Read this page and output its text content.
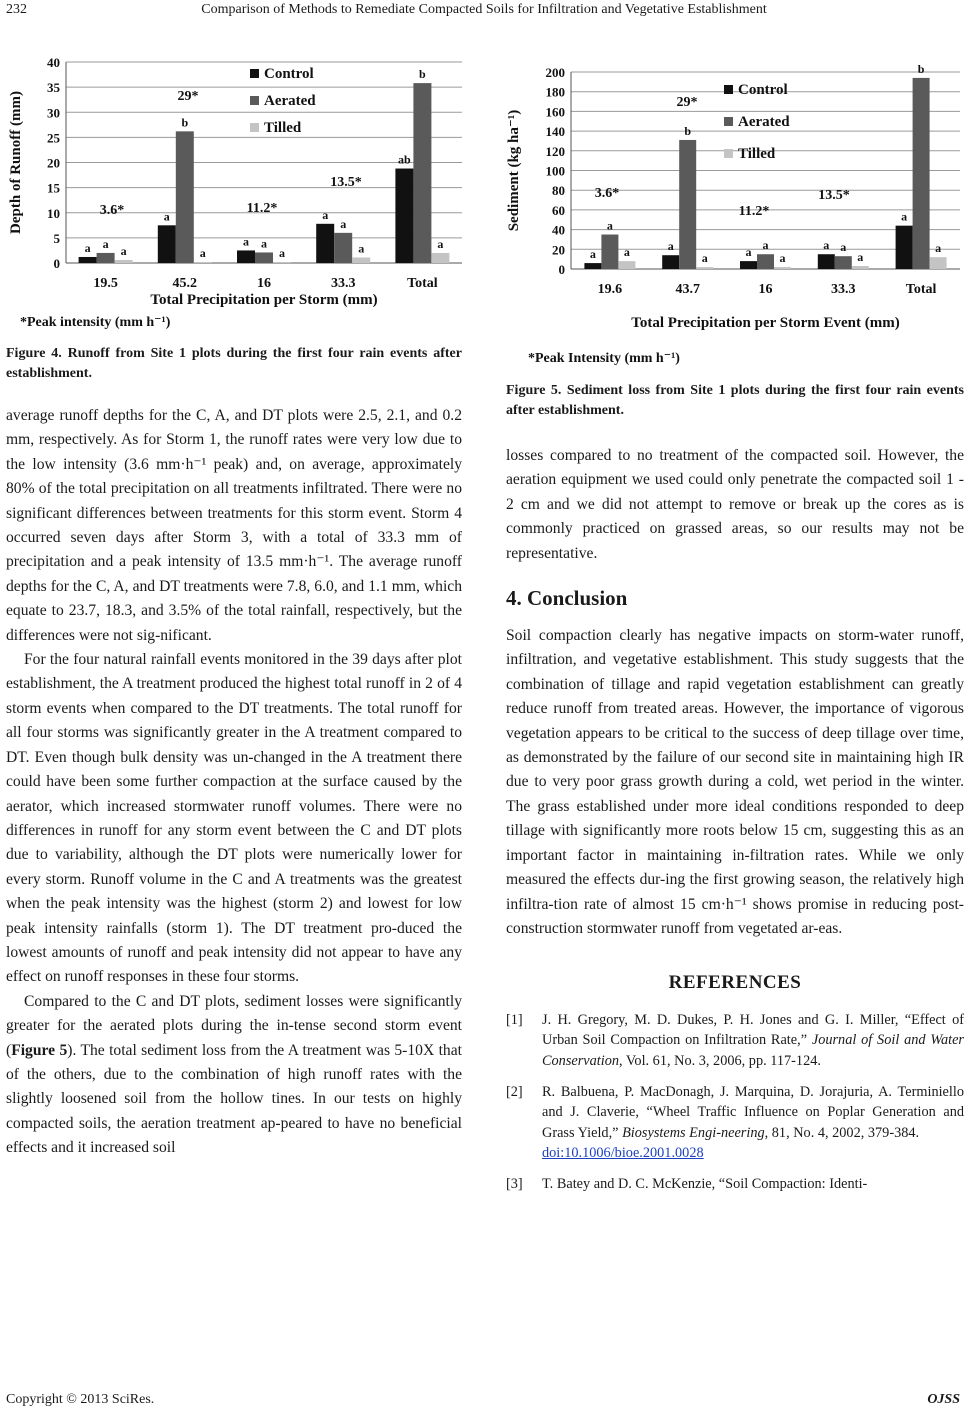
232	Comparison of Methods to Remediate Compacted Soils for Infiltration and Vegetative Establishment
*Peak intensity (mm h⁻¹)
0
5
10
15
20
25
30
35
40
a a
a
19.5
3.6*	a
b
a
45.2
29*
a a
a
16
11.2*	a
a
a
33.3
13.5*
ab
b
a
Total
Total Precipitation per Storm (mm)
Depth of Runoff (mm)
Control
Aerated
Tilled
Figure 4. Runoff from Site 1 plots during the first four rain events after establishment.
*Peak Intensity (mm h⁻¹)
0
20
40
60
80
100
120
140
160
180
200
a
a
a
19.6
3.6*
a
b
a
43.7
29*
a a
a
16
11.2*
a a
a
33.3
13.5*
a
b
a
Total
Total Precipitation per Storm Event (mm)
Sediment (kg ha⁻¹)
Control
Aerated
Tilled
Figure 5. Sediment loss from Site 1 plots during the first four rain events after establishment.

average runoff depths for the C, A, and DT plots were 2.5, 2.1, and 0.2 mm, respectively. As for Storm 1, the runoff rates were very low due to the low intensity (3.6 mm·h⁻¹ peak) and, on average, approximately 80% of the total precipitation on all treatments infiltrated. There were no significant differences between treatments for this storm event. Storm 4 occurred seven days after Storm 3, with a total of 33.3 mm of precipitation and a peak intensity of 13.5 mm·h⁻¹. The average runoff depths for the C, A, and DT treatments were 7.8, 6.0, and 1.1 mm, which equate to 23.7, 18.3, and 3.5% of the total rainfall, respectively, but the differences were not sig-nificant.

For the four natural rainfall events monitored in the 39 days after plot establishment, the A treatment produced the highest total runoff in 2 of 4 storm events when compared to the DT treatments. The total runoff for all four storms was significantly greater in the A treatment compared to DT. Even though bulk density was un-changed in the A treatment there could have been some further compaction at the surface caused by the aerator, which increased stormwater runoff volumes. There were no differences in runoff for any storm event between the C and DT plots due to variability, although the DT plots were numerically lower for every storm. Runoff volume in the C and A treatments was the greatest when the peak intensity was the highest (storm 2) and lowest for low peak intensity rainfalls (storm 1). The DT treatment pro-duced the lowest amounts of runoff and peak intensity did not appear to have any effect on runoff responses in these four storms.

Compared to the C and DT plots, sediment losses were significantly greater for the aerated plots during the in-tense second storm event (Figure 5). The total sediment loss from the A treatment was 5-10X that of the others, due to the combination of high runoff rates with the slightly loosened soil from the hollow tines. In our tests on highly compacted soils, the aeration treatment ap-peared to have no beneficial effects and it increased soil

losses compared to no treatment of the compacted soil. However, the aeration equipment we used could only penetrate the compacted soil 1 - 2 cm and we did not attempt to remove or break up the cores as is commonly practiced on grassed areas, so our results may not be representative.

4. Conclusion

Soil compaction clearly has negative impacts on storm-water runoff, infiltration, and vegetative establishment. This study suggests that the combination of tillage and rapid vegetation establishment can greatly reduce runoff from treated areas. However, the importance of vigorous vegetation appears to be critical to the success of deep tillage over time, as demonstrated by the failure of our second site in maintaining high IR due to very poor grass growth during a cold, wet period in the winter. The grass established under more ideal conditions responded to deep tillage with significantly more roots below 15 cm, suggesting this as an important factor in maintaining in-filtration rates. While we only measured the effects dur-ing the first growing season, the relatively high infiltra-tion rate of almost 15 cm·h⁻¹ shows promise in reducing post-construction stormwater runoff from vegetated ar-eas.

REFERENCES
[1] J. H. Gregory, M. D. Dukes, P. H. Jones and G. I. Miller, “Effect of Urban Soil Compaction on Infiltration Rate,” Journal of Soil and Water Conservation, Vol. 61, No. 3, 2006, pp. 117-124.
[2] R. Balbuena, P. MacDonagh, J. Marquina, D. Jorajuria, A. Terminiello and J. Claverie, “Wheel Traffic Influence on Poplar Generation and Grass Yield,” Biosystems Engi-neering, 81, No. 4, 2002, 379-384.
doi:10.1006/bioe.2001.0028
[3] T. Batey and D. C. McKenzie, “Soil Compaction: Identi-
Copyright © 2013 SciRes.	OJSS
